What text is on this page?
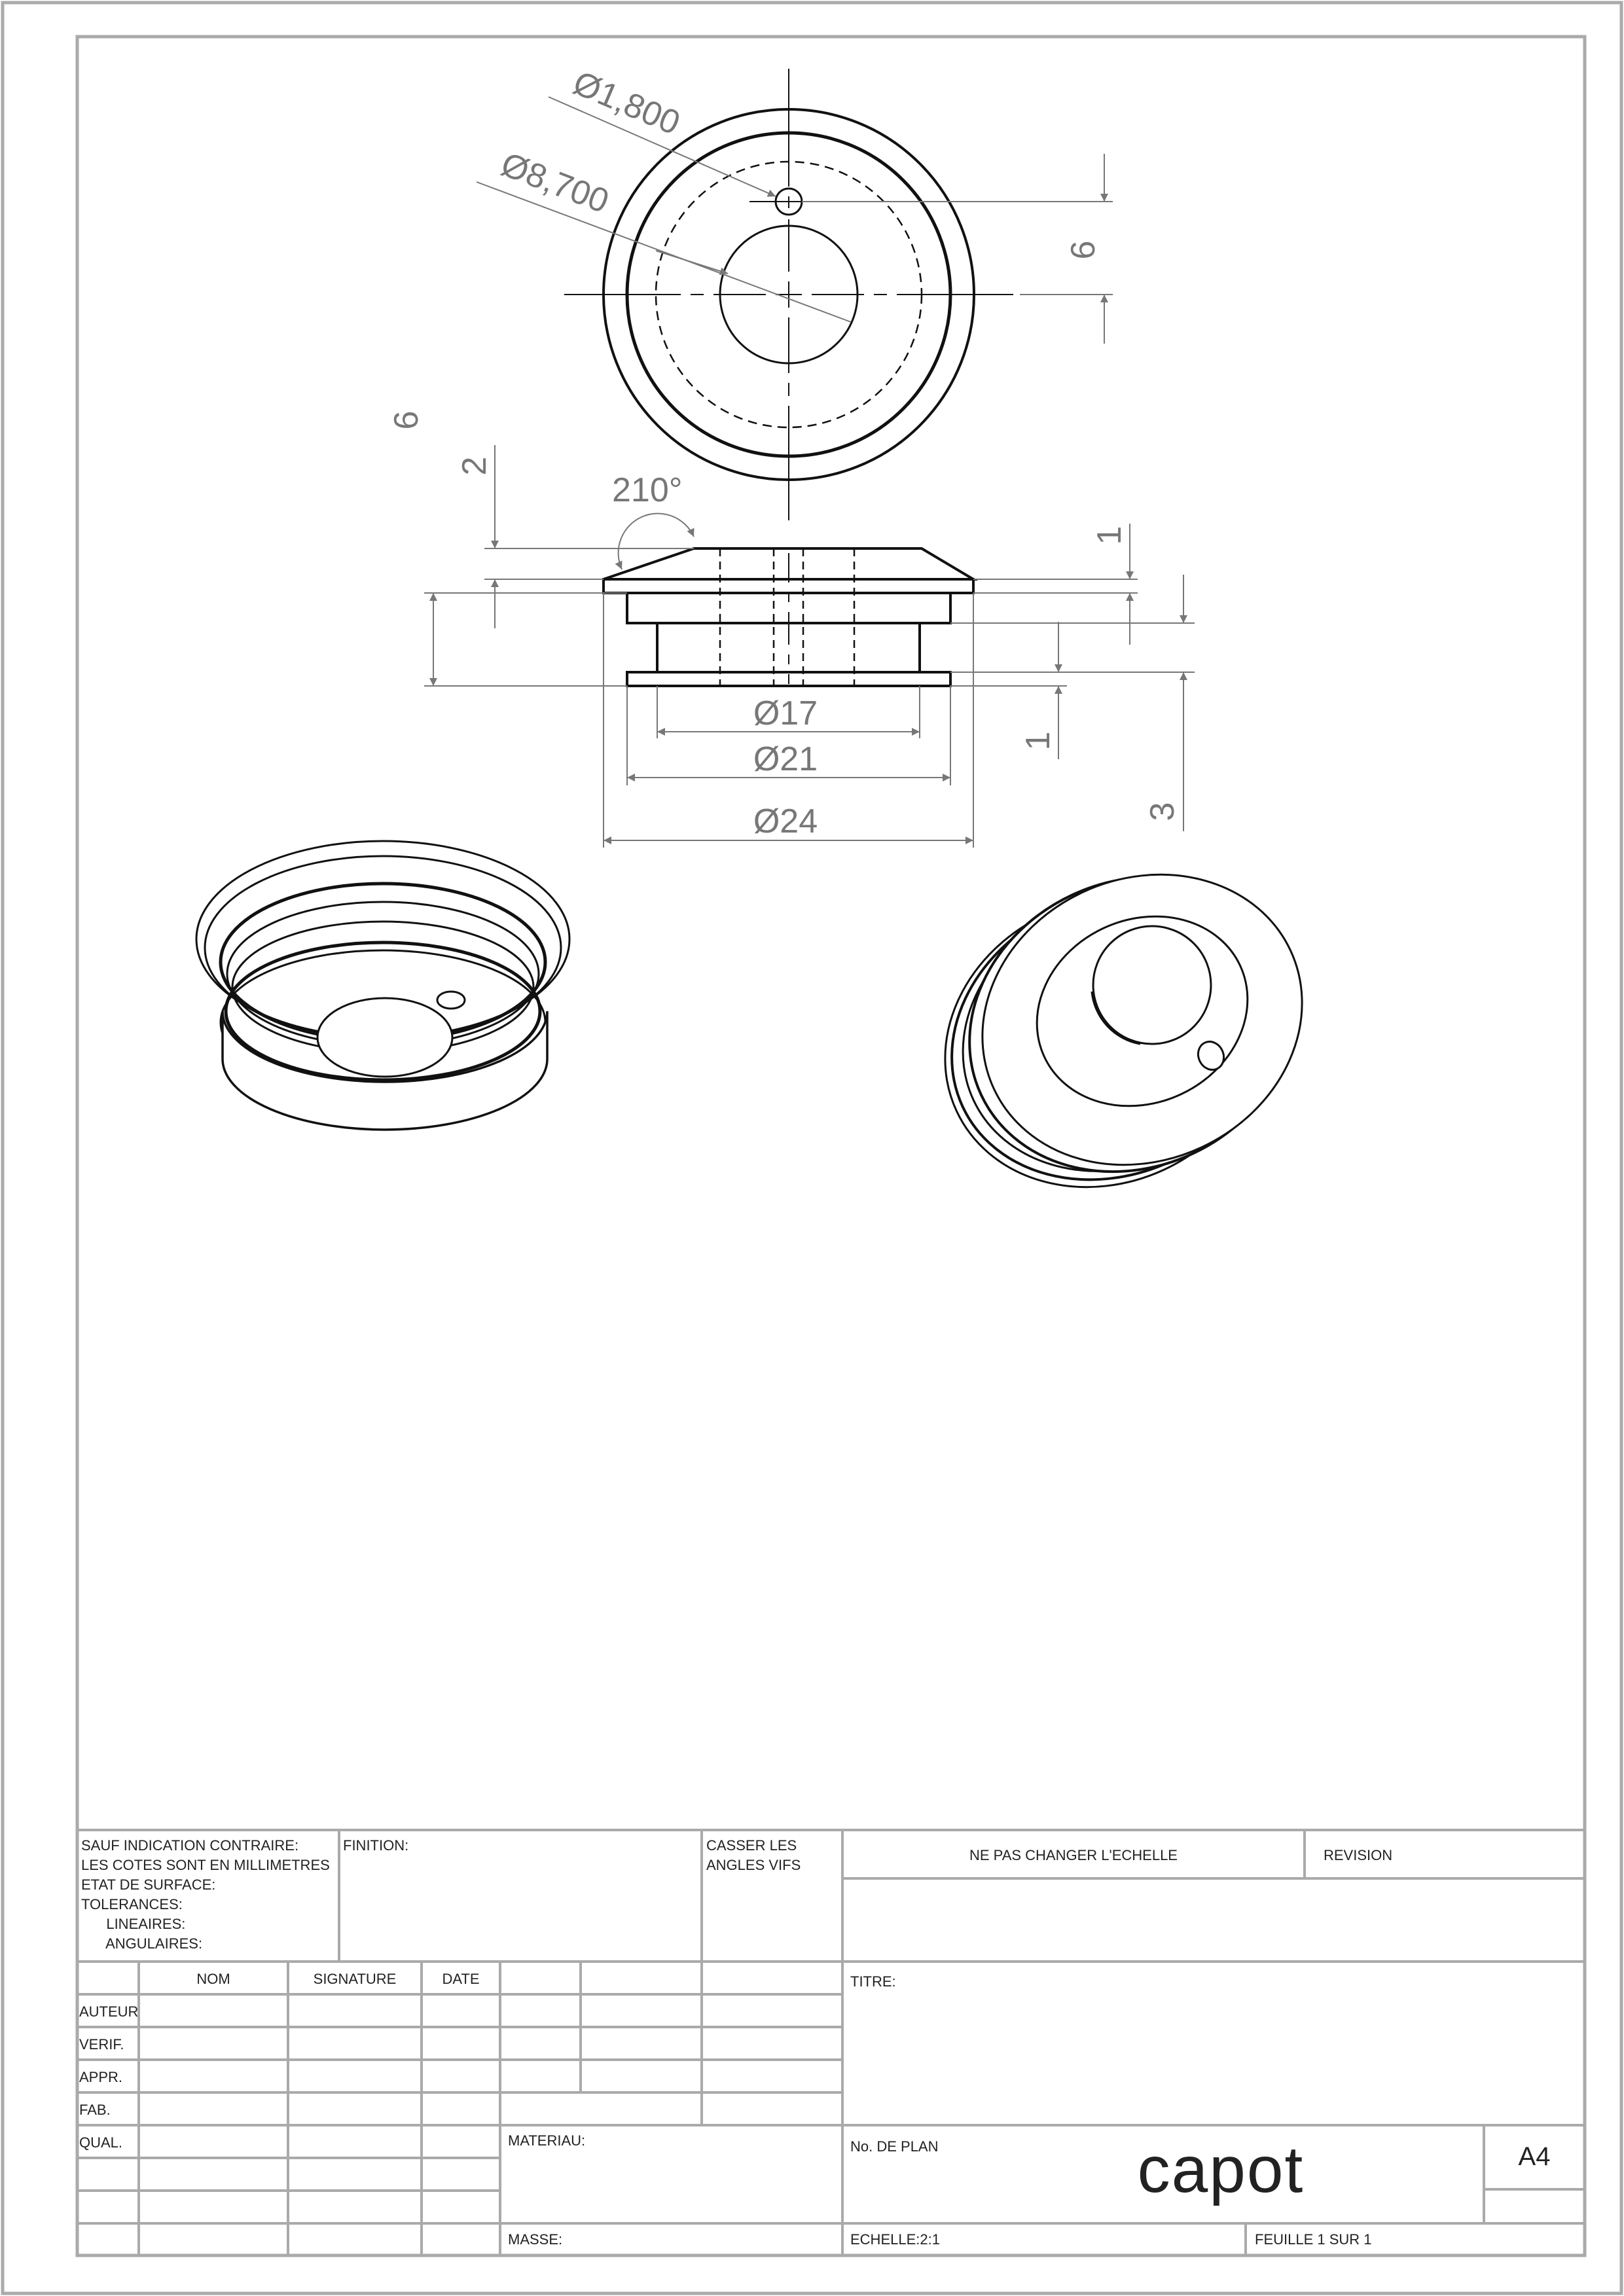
Ø1,800
Ø8,700
6
6
2
210°
1
1
3
Ø17
Ø21
Ø24
SAUF INDICATION CONTRAIRE:
LES COTES SONT EN MILLIMETRES
ETAT DE SURFACE:
TOLERANCES:
LINEAIRES:
ANGULAIRES:
FINITION:	CASSER LES
ANGLES VIFS
NE PAS CHANGER L'ECHELLE	REVISION
NOM	SIGNATURE	DATE
AUTEUR
VERIF.
APPR.
FAB.
QUAL.
TITRE:
MATERIAU:	No. DE PLAN	capot	A4
MASSE:	ECHELLE:2:1	FEUILLE 1 SUR 1
